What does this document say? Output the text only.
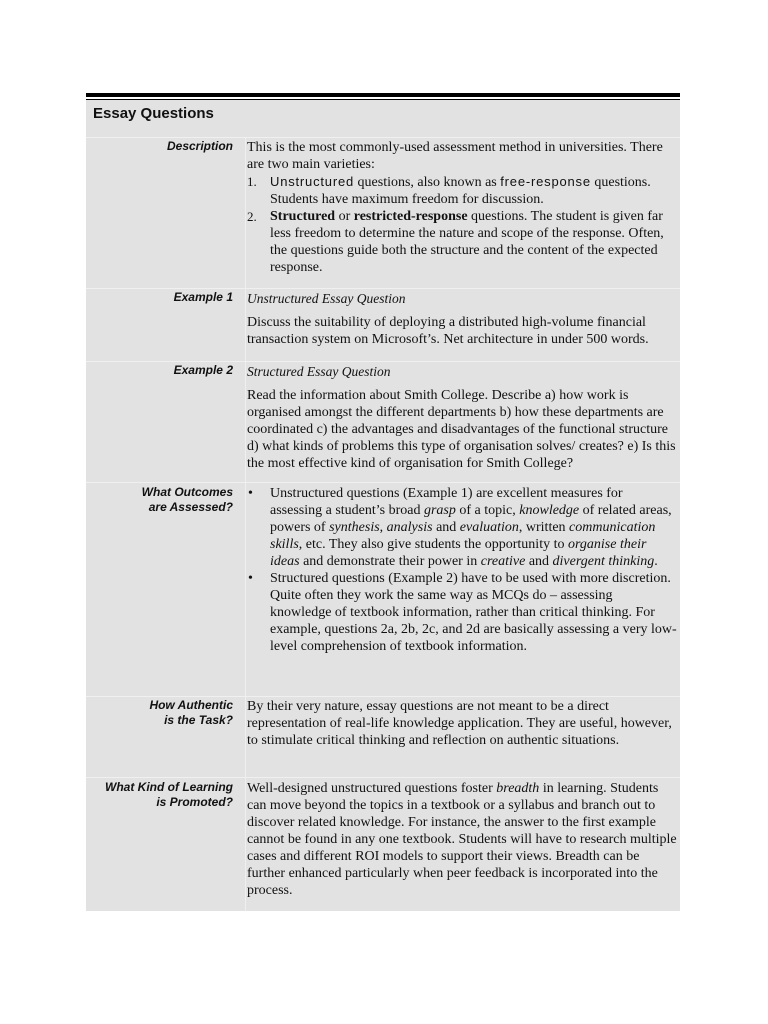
Essay Questions
Description This is the most commonly-used assessment method in universities. There are two main varieties:

1. Unstructured questions, also known as free-response questions. Students have maximum freedom for discussion.
2. Structured or restricted-response questions. The student is given far less freedom to determine the nature and scope of the response. Often, the questions guide both the structure and the content of the expected response.
Example 1 Unstructured Essay Question

Discuss the suitability of deploying a distributed high-volume financial transaction system on Microsoft’s. Net architecture in under 500 words.

Example 2 Structured Essay Question

Read the information about Smith College. Describe a) how work is organised amongst the different departments b) how these departments are coordinated c) the advantages and disadvantages of the functional structure d) what kinds of problems this type of organisation solves/ creates? e) Is this the most effective kind of organisation for Smith College?

What Outcomes
are Assessed?
• Unstructured questions (Example 1) are excellent measures for assessing a student’s broad grasp of a topic, knowledge of related areas, powers of synthesis, analysis and evaluation, written communication skills, etc. They also give students the opportunity to organise their ideas and demonstrate their power in creative and divergent thinking.
• Structured questions (Example 2) have to be used with more discretion. Quite often they work the same way as MCQs do – assessing knowledge of textbook information, rather than critical thinking. For example, questions 2a, 2b, 2c, and 2d are basically assessing a very low-level comprehension of textbook information.
How Authentic
is the Task?

By their very nature, essay questions are not meant to be a direct representation of real-life knowledge application. They are useful, however, to stimulate critical thinking and reflection on authentic situations.

What Kind of Learning
is Promoted?

Well-designed unstructured questions foster breadth in learning. Students can move beyond the topics in a textbook or a syllabus and branch out to discover related knowledge. For instance, the answer to the first example cannot be found in any one textbook. Students will have to research multiple cases and different ROI models to support their views. Breadth can be further enhanced particularly when peer feedback is incorporated into the process.
